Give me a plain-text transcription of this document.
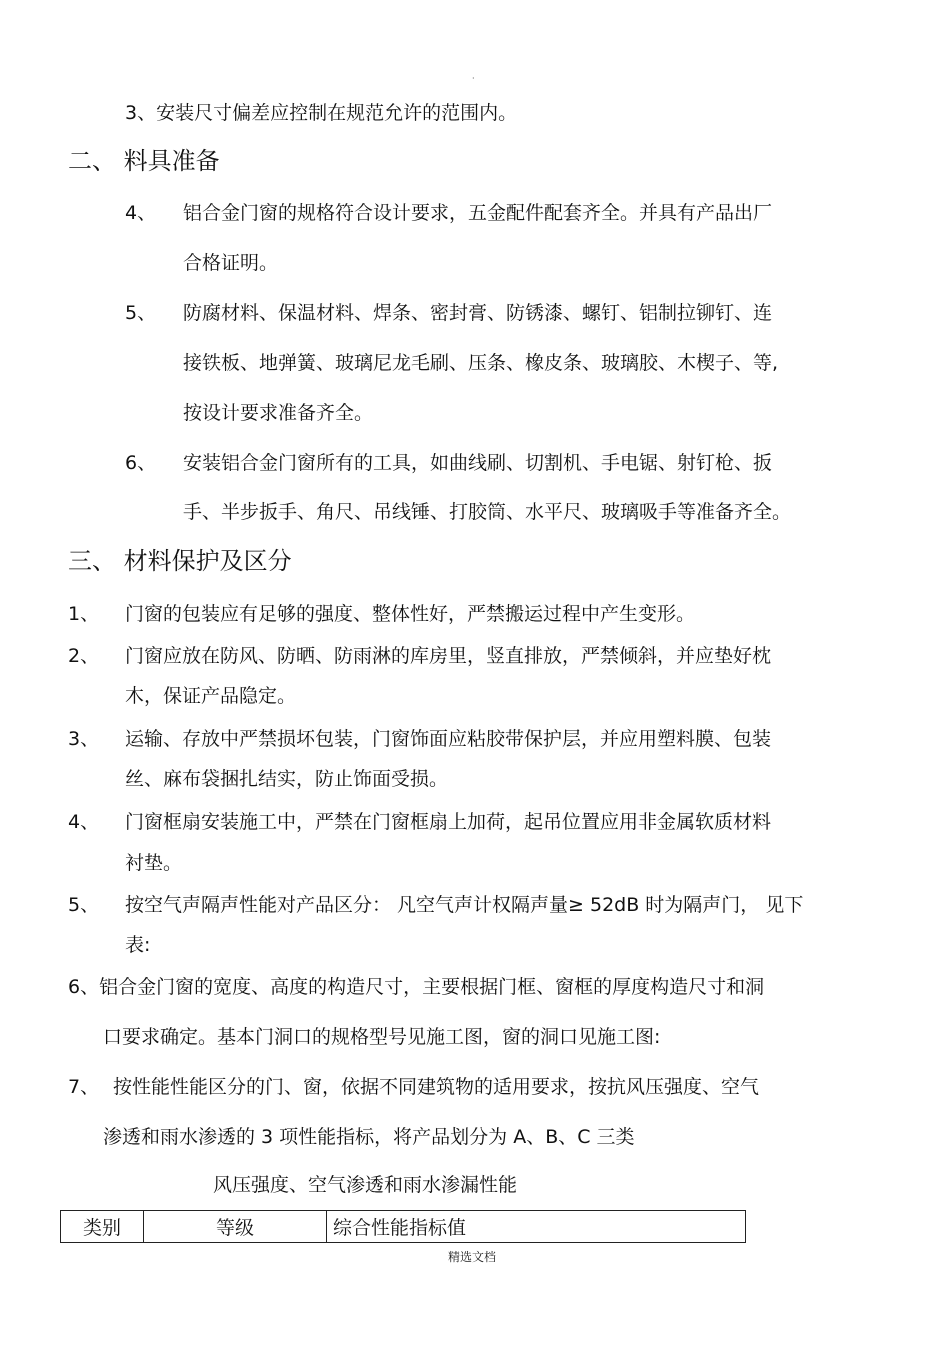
·
3、安装尺寸偏差应控制在规范允许的范围内。
二、 料具准备
4、 铝合金门窗的规格符合设计要求，五金配件配套齐全。并具有产品出厂
合格证明。
5、 防腐材料、保温材料、焊条、密封膏、防锈漆、螺钉、铝制拉铆钉、连
接铁板、地弹簧、玻璃尼龙毛刷、压条、橡皮条、玻璃胶、木楔子、等,
按设计要求准备齐全。
6、 安装铝合金门窗所有的工具，如曲线刷、切割机、手电锯、射钉枪、扳
手、半步扳手、角尺、吊线锤、打胶筒、水平尺、玻璃吸手等准备齐全。
三、 材料保护及区分
1、 门窗的包装应有足够的强度、整体性好，严禁搬运过程中产生变形。
2、 门窗应放在防风、防晒、防雨淋的库房里，竖直排放，严禁倾斜，并应垫好枕
木，保证产品隐定。
3、 运输、存放中严禁损坏包装，门窗饰面应粘胶带保护层，并应用塑料膜、包装
丝、麻布袋捆扎结实，防止饰面受损。
4、 门窗框扇安装施工中，严禁在门窗框扇上加荷，起吊位置应用非金属软质材料
衬垫。
5、 按空气声隔声性能对产品区分： 凡空气声计权隔声量≥ 52dB 时为隔声门， 见下
表:
6、铝合金门窗的宽度、高度的构造尺寸，主要根据门框、窗框的厚度构造尺寸和洞
口要求确定。基本门洞口的规格型号见施工图，窗的洞口见施工图:
7、 按性能性能区分的门、窗，依据不同建筑物的适用要求，按抗风压强度、空气
渗透和雨水渗透的 3 项性能指标，将产品划分为 A、B、C 三类
风压强度、空气渗透和雨水渗漏性能
类别	等级	综合性能指标值
精选文档
